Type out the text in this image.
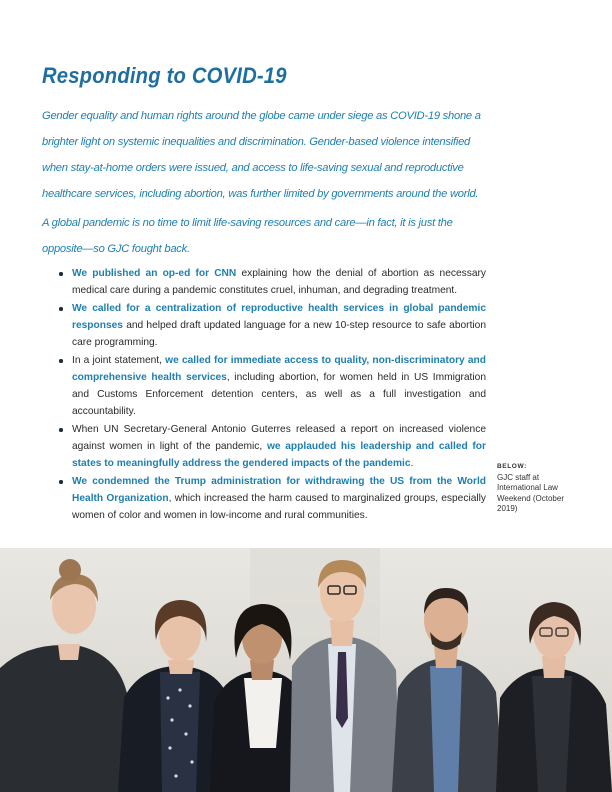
Responding to COVID-19

Gender equality and human rights around the globe came under siege as COVID-19 shone a brighter light on systemic inequalities and discrimination. Gender-based violence intensified when stay-at-home orders were issued, and access to life-saving sexual and reproductive healthcare services, including abortion, was further limited by governments around the world.

A global pandemic is no time to limit life-saving resources and care—in fact, it is just the opposite—so GJC fought back.

We published an op-ed for CNN explaining how the denial of abortion as necessary medical care during a pandemic constitutes cruel, inhuman, and degrading treatment.
We called for a centralization of reproductive health services in global pandemic responses and helped draft updated language for a new 10-step resource to safe abortion care programming.
In a joint statement, we called for immediate access to quality, non-discriminatory and comprehensive health services, including abortion, for women held in US Immigration and Customs Enforcement detention centers, as well as a full investigation and accountability.
When UN Secretary-General Antonio Guterres released a report on increased violence against women in light of the pandemic, we applauded his leadership and called for states to meaningfully address the gendered impacts of the pandemic.
We condemned the Trump administration for withdrawing the US from the World Health Organization, which increased the harm caused to marginalized groups, especially women of color and women in low-income and rural communities.
BELOW:
GJC staff at International Law Weekend (October 2019)
